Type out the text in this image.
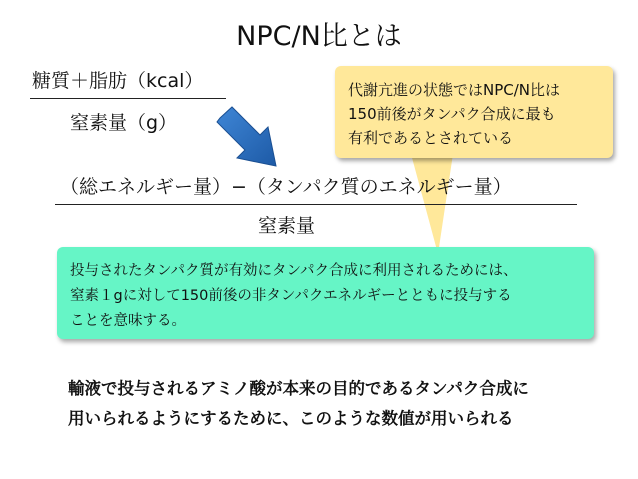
NPC/N比とは
糖質＋脂肪（kcal）
窒素量（g）
代謝亢進の状態ではNPC/N比は
150前後がタンパク合成に最も
有利であるとされている
（総エネルギー量）−（タンパク質のエネルギー量）
窒素量
投与されたタンパク質が有効にタンパク合成に利用されるためには、
窒素１gに対して150前後の非タンパクエネルギーとともに投与する
ことを意味する。
輸液で投与されるアミノ酸が本来の目的であるタンパク合成に
用いられるようにするために、このような数値が用いられる
